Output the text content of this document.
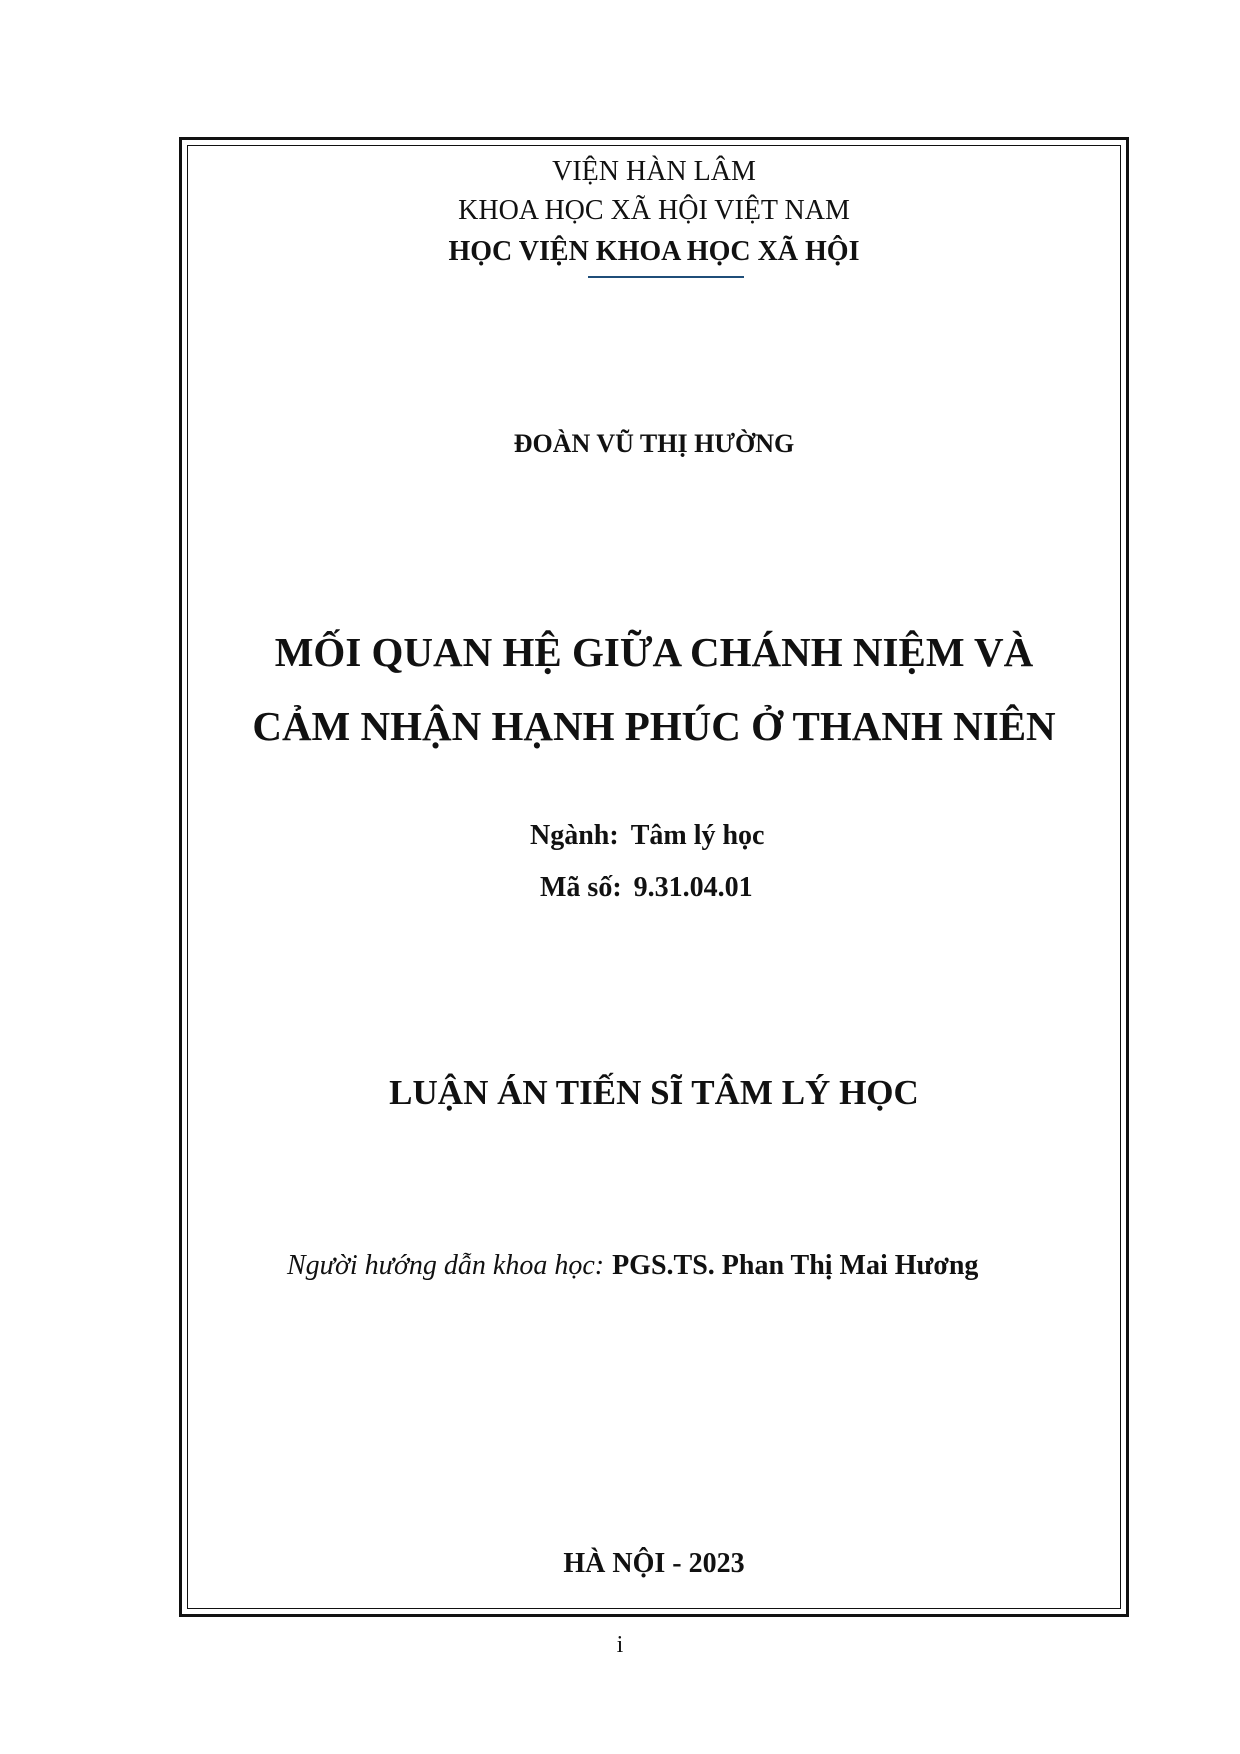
VIỆN HÀN LÂM
KHOA HỌC XÃ HỘI VIỆT NAM
HỌC VIỆN KHOA HỌC XÃ HỘI
ĐOÀN VŨ THỊ HƯỜNG
MỐI QUAN HỆ GIỮA CHÁNH NIỆM VÀ
CẢM NHẬN HẠNH PHÚC Ở THANH NIÊN
Ngành: Tâm lý học
Mã số: 9.31.04.01
LUẬN ÁN TIẾN SĨ TÂM LÝ HỌC
Người hướng dẫn khoa học: PGS.TS. Phan Thị Mai Hương
HÀ NỘI - 2023
i
